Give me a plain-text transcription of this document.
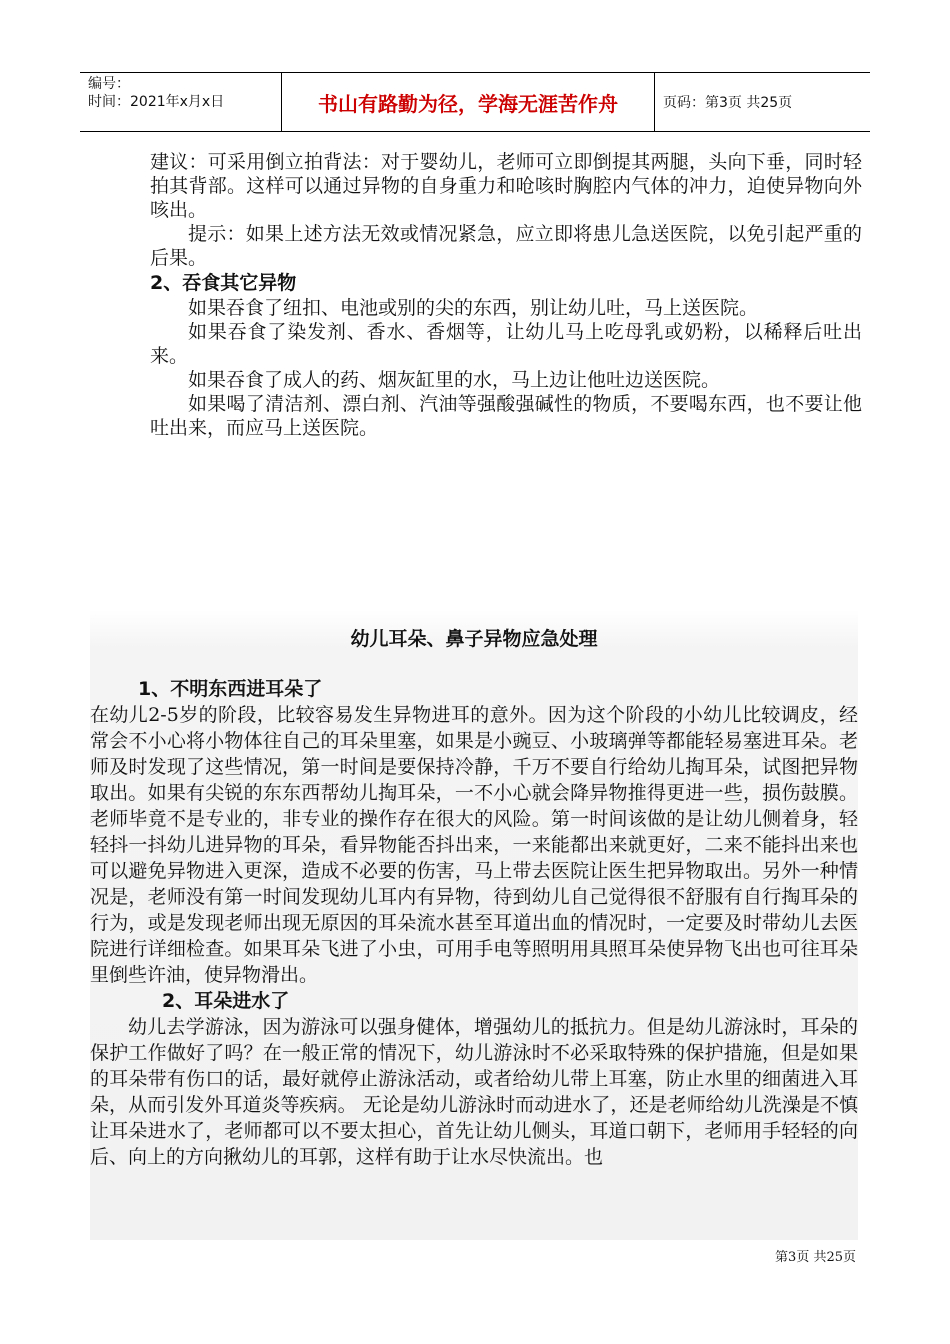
编号：
时间：2021年x月x日	书山有路勤为径，学海无涯苦作舟	页码：第3页 共25页

建议：可采用倒立拍背法：对于婴幼儿，老师可立即倒提其两腿，头向下垂，同时轻拍其背部。这样可以通过异物的自身重力和呛咳时胸腔内气体的冲力，迫使异物向外咳出。

提示：如果上述方法无效或情况紧急，应立即将患儿急送医院，以免引起严重的后果。

2、吞食其它异物

如果吞食了纽扣、电池或别的尖的东西，别让幼儿吐，马上送医院。

如果吞食了染发剂、香水、香烟等，让幼儿马上吃母乳或奶粉，以稀释后吐出来。

如果吞食了成人的药、烟灰缸里的水，马上边让他吐边送医院。

如果喝了清洁剂、漂白剂、汽油等强酸强碱性的物质，不要喝东西，也不要让他吐出来，而应马上送医院。

幼儿耳朵、鼻子异物应急处理

1、不明东西进耳朵了

在幼儿2-5岁的阶段，比较容易发生异物进耳的意外。因为这个阶段的小幼儿比较调皮，经常会不小心将小物体往自己的耳朵里塞，如果是小豌豆、小玻璃弹等都能轻易塞进耳朵。老师及时发现了这些情况，第一时间是要保持冷静，千万不要自行给幼儿掏耳朵，试图把异物取出。如果有尖锐的东东西帮幼儿掏耳朵，一不小心就会降异物推得更进一些，损伤鼓膜。老师毕竟不是专业的，非专业的操作存在很大的风险。第一时间该做的是让幼儿侧着身，轻轻抖一抖幼儿进异物的耳朵，看异物能否抖出来，一来能都出来就更好，二来不能抖出来也可以避免异物进入更深，造成不必要的伤害，马上带去医院让医生把异物取出。另外一种情况是，老师没有第一时间发现幼儿耳内有异物，待到幼儿自己觉得很不舒服有自行掏耳朵的行为，或是发现老师出现无原因的耳朵流水甚至耳道出血的情况时，一定要及时带幼儿去医院进行详细检查。如果耳朵飞进了小虫，可用手电等照明用具照耳朵使异物飞出也可往耳朵里倒些许油，使异物滑出。

2、耳朵进水了

幼儿去学游泳，因为游泳可以强身健体，增强幼儿的抵抗力。但是幼儿游泳时，耳朵的保护工作做好了吗？在一般正常的情况下，幼儿游泳时不必采取特殊的保护措施，但是如果的耳朵带有伤口的话，最好就停止游泳活动，或者给幼儿带上耳塞，防止水里的细菌进入耳朵，从而引发外耳道炎等疾病。 无论是幼儿游泳时而动进水了，还是老师给幼儿洗澡是不慎让耳朵进水了，老师都可以不要太担心，首先让幼儿侧头，耳道口朝下，老师用手轻轻的向后、向上的方向揪幼儿的耳郭，这样有助于让水尽快流出。也

第3页 共25页
